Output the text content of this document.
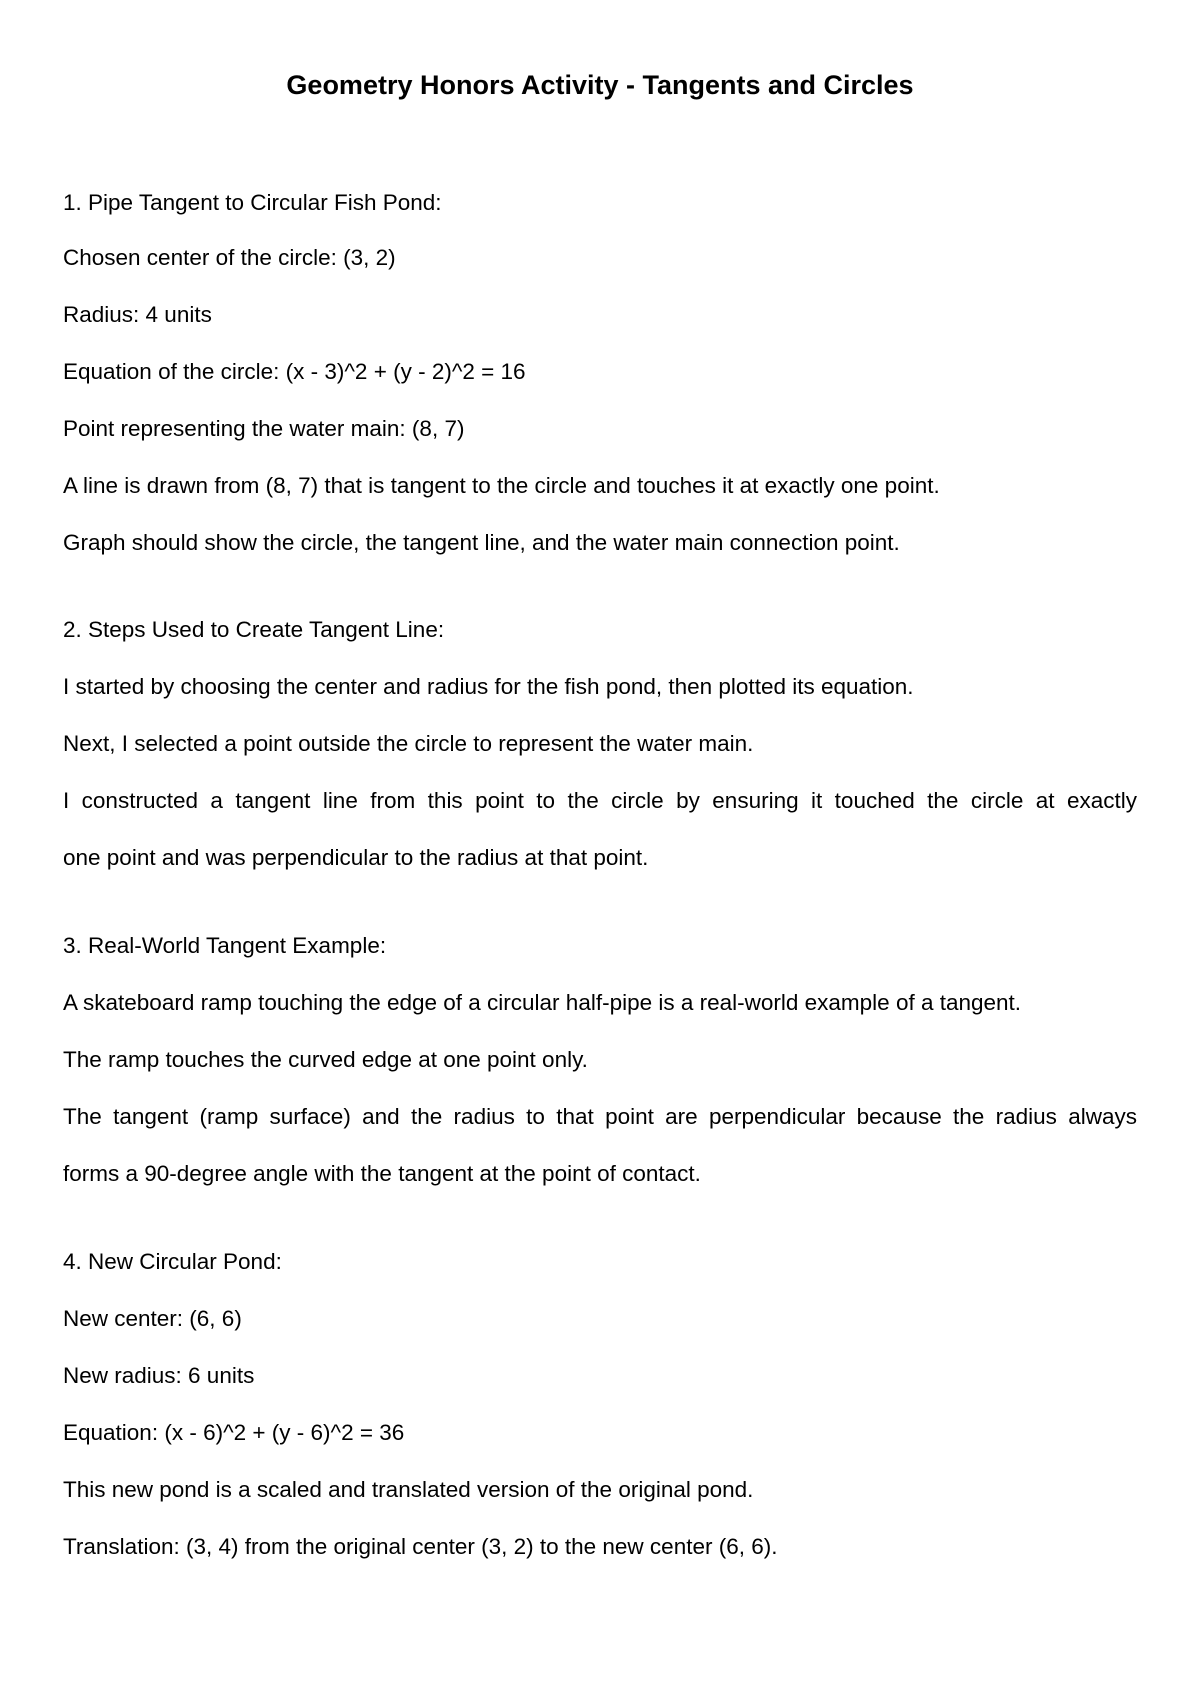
Geometry Honors Activity - Tangents and Circles
1. Pipe Tangent to Circular Fish Pond:
Chosen center of the circle: (3, 2)
Radius: 4 units
Equation of the circle: (x - 3)^2 + (y - 2)^2 = 16
Point representing the water main: (8, 7)
A line is drawn from (8, 7) that is tangent to the circle and touches it at exactly one point.
Graph should show the circle, the tangent line, and the water main connection point.
2. Steps Used to Create Tangent Line:
I started by choosing the center and radius for the fish pond, then plotted its equation.
Next, I selected a point outside the circle to represent the water main.
I constructed a tangent line from this point to the circle by ensuring it touched the circle at exactly
one point and was perpendicular to the radius at that point.
3. Real-World Tangent Example:
A skateboard ramp touching the edge of a circular half-pipe is a real-world example of a tangent.
The ramp touches the curved edge at one point only.
The tangent (ramp surface) and the radius to that point are perpendicular because the radius always
forms a 90-degree angle with the tangent at the point of contact.
4. New Circular Pond:
New center: (6, 6)
New radius: 6 units
Equation: (x - 6)^2 + (y - 6)^2 = 36
This new pond is a scaled and translated version of the original pond.
Translation: (3, 4) from the original center (3, 2) to the new center (6, 6).
